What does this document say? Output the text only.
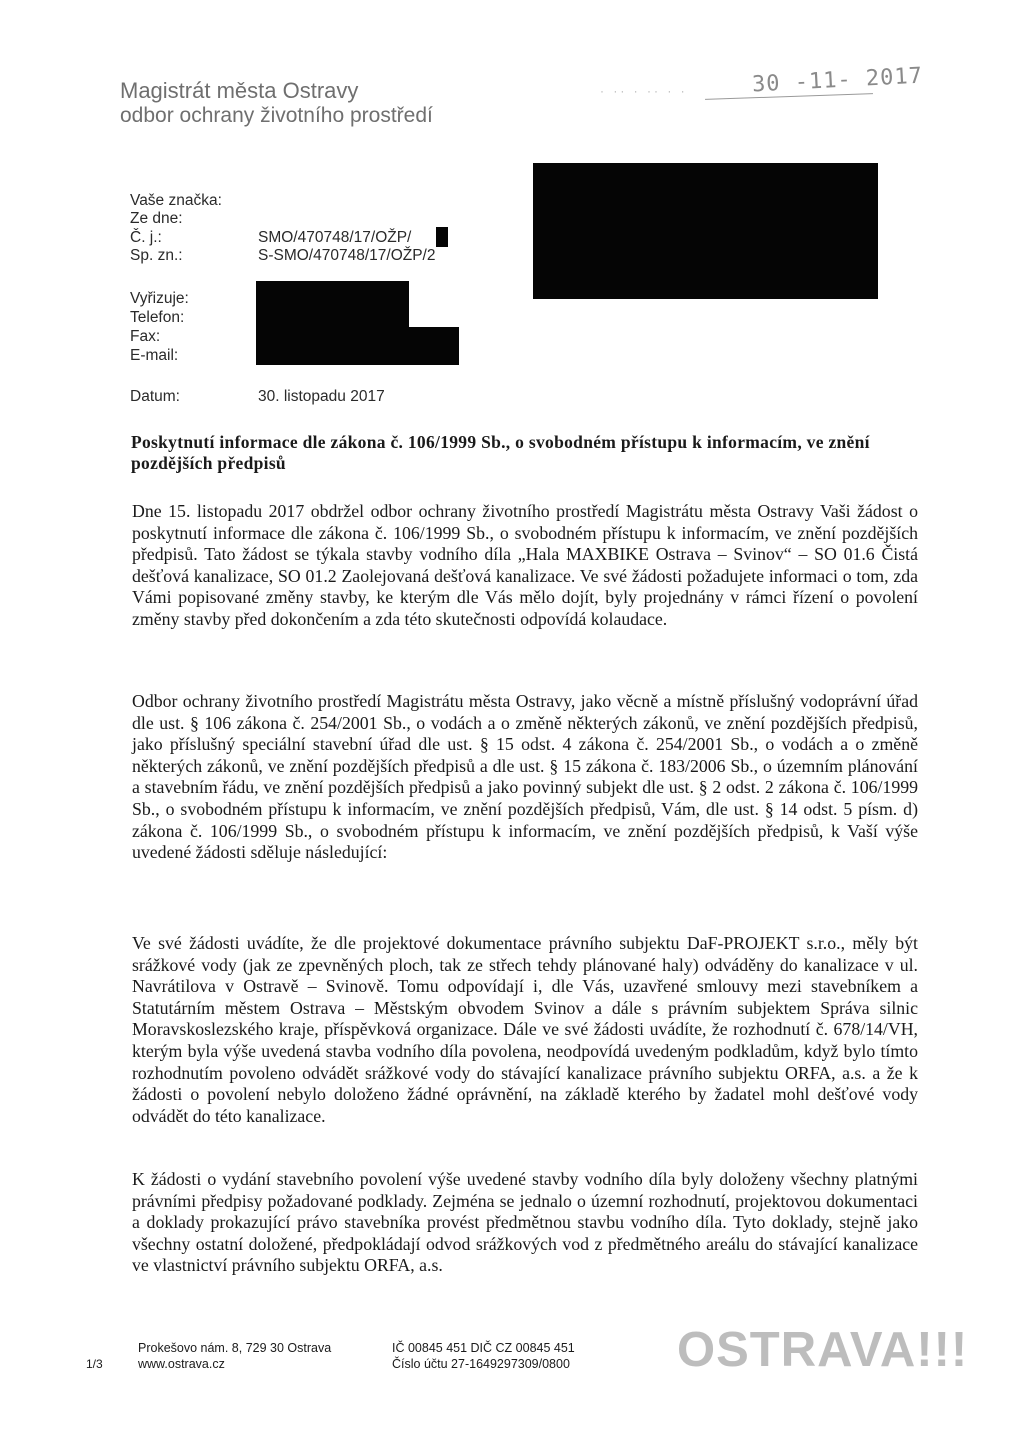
Magistrát města Ostravy
odbor ochrany životního prostředí
· ·· · ·· · ·	30 -11- 2017
Vaše značka:
Ze dne:
Č. j.:	SMO/470748/17/OŽP/
Sp. zn.:	S-SMO/470748/17/OŽP/2
Vyřizuje:
Telefon:
Fax:
E-mail:
Datum:	30. listopadu 2017
Poskytnutí informace dle zákona č. 106/1999 Sb., o svobodném přístupu k informacím, ve znění pozdějších předpisů

Dne 15. listopadu 2017 obdržel odbor ochrany životního prostředí Magistrátu města Ostravy Vaši žádost o poskytnutí informace dle zákona č. 106/1999 Sb., o svobodném přístupu k informacím, ve znění pozdějších předpisů. Tato žádost se týkala stavby vodního díla „Hala MAXBIKE Ostrava – Svinov“ – SO 01.6 Čistá dešťová kanalizace, SO 01.2 Zaolejovaná dešťová kanalizace. Ve své žádosti požadujete informaci o tom, zda Vámi popisované změny stavby, ke kterým dle Vás mělo dojít, byly projednány v rámci řízení o povolení změny stavby před dokončením a zda této skutečnosti odpovídá kolaudace.

Odbor ochrany životního prostředí Magistrátu města Ostravy, jako věcně a místně příslušný vodoprávní úřad dle ust. § 106 zákona č. 254/2001 Sb., o vodách a o změně některých zákonů, ve znění pozdějších předpisů, jako příslušný speciální stavební úřad dle ust. § 15 odst. 4 zákona č. 254/2001 Sb., o vodách a o změně některých zákonů, ve znění pozdějších předpisů a dle ust. § 15 zákona č. 183/2006 Sb., o územním plánování a stavebním řádu, ve znění pozdějších předpisů a jako povinný subjekt dle ust. § 2 odst. 2 zákona č. 106/1999 Sb., o svobodném přístupu k informacím, ve znění pozdějších předpisů, Vám, dle ust. § 14 odst. 5 písm. d) zákona č. 106/1999 Sb., o svobodném přístupu k informacím, ve znění pozdějších předpisů, k Vaší výše uvedené žádosti sděluje následující:

Ve své žádosti uvádíte, že dle projektové dokumentace právního subjektu DaF-PROJEKT s.r.o., měly být srážkové vody (jak ze zpevněných ploch, tak ze střech tehdy plánované haly) odváděny do kanalizace v ul. Navrátilova v Ostravě – Svinově. Tomu odpovídají i, dle Vás, uzavřené smlouvy mezi stavebníkem a Statutárním městem Ostrava – Městským obvodem Svinov a dále s právním subjektem Správa silnic Moravskoslezského kraje, příspěvková organizace. Dále ve své žádosti uvádíte, že rozhodnutí č. 678/14/VH, kterým byla výše uvedená stavba vodního díla povolena, neodpovídá uvedeným podkladům, když bylo tímto rozhodnutím povoleno odvádět srážkové vody do stávající kanalizace právního subjektu ORFA, a.s. a že k žádosti o povolení nebylo doloženo žádné oprávnění, na základě kterého by žadatel mohl dešťové vody odvádět do této kanalizace.

K žádosti o vydání stavebního povolení výše uvedené stavby vodního díla byly doloženy všechny platnými právními předpisy požadované podklady. Zejména se jednalo o územní rozhodnutí, projektovou dokumentaci a doklady prokazující právo stavebníka provést předmětnou stavbu vodního díla. Tyto doklady, stejně jako všechny ostatní doložené, předpokládají odvod srážkových vod z předmětného areálu do stávající kanalizace ve vlastnictví právního subjektu ORFA, a.s.

1/3
Prokešovo nám. 8, 729 30 Ostrava
www.ostrava.cz
IČ 00845 451 DIČ CZ 00845 451
Číslo účtu 27-1649297309/0800 OSTRAVA!!!
